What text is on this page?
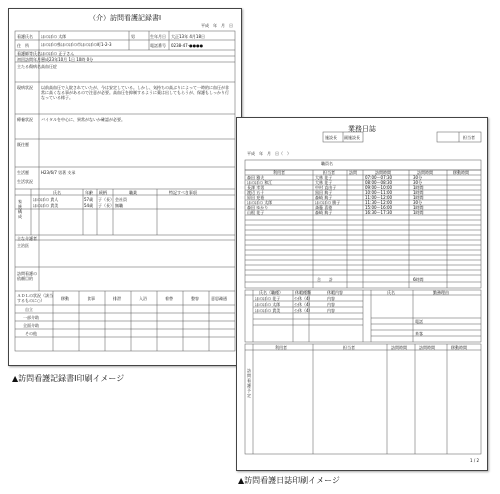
（介）訪問看護記録書Ⅰ
平成　年　月　日
看護氏名 ほのぼの 太郎	男	生年月日 大正13年 4月18日
住　所	ほのぼの県ほのぼの市ほのぼの町1-2-3	電話番号 0238-47-●●●●
看護師等氏名 ほのぼの 正子さん
初回訪問年月日
平成23年10月 1日 10時 0分
主たる傷病名 高血圧症
現病状況 以前高血圧で入院されていたが、今は安定している。しかし、気持ちの高ぶりによって一時的に血圧が非常に高くなる事があるので注意が必要。高血圧を抑制するように薬は出してもらうが、保護もしっかり行なっている様子。
療養状況 バイタルを中心に、異常がないか確認が必要。
既往歴
生活歴	H23/6/7 男著 支承
生活状況
氏名	年齢 続柄	職業	特記すべき事項
家族構成
ほのぼの 貴人	57歳 子（長） 会社員
ほのぼの 貴美	54歳 子（長） 無職
主な介護者
主治医
訪問看護の依頼目的
ＡＤＬの状況（該当するものに○）	移動	食事	排泄	入浴	着替	整容	意思疎通
自立
一部介助
全面介助
その他
業務日誌
施設長 副施設長	担当者
平成　年　月　日（　）
職員名
利用者	担当者	訪問	訪問時間	訪問時間	移動時間
森田 雅夫	大林 花子	07:00〜07:30	30分
ほのぼの 和江	大林 花子	08:00〜08:30	30分
長澤 幸男	中村 直由子	09:00〜10:00	1時間
渡辺 五十	黒田 典子	10:00〜11:00	1時間
原田 充裕	森崎 典子	11:00〜12:00	1時間
ほのぼの 太郎	ほのぼの 勝子	11:30〜12:00	30分
森田 ゆかり	斎藤 喜徳	15:00〜16:00	1時間
山根 花子	森崎 典子	16:30〜17:30	1時間
合　　計	6時間
氏名（職種）	休暇種類	休暇内容	氏名	勤務理由
ほのぼの 花子	公休（4）	内容
ほのぼの 太郎	公休（4）	内容
ほのぼの 貴美	公休（4）	内容
電話
来客
利用者	担当者	訪問時間	訪問時間	移動時間
訪問看護予定
1 / 2
▲訪問看護記録書Ⅰ印刷イメージ
▲訪問看護日誌印刷イメージ
